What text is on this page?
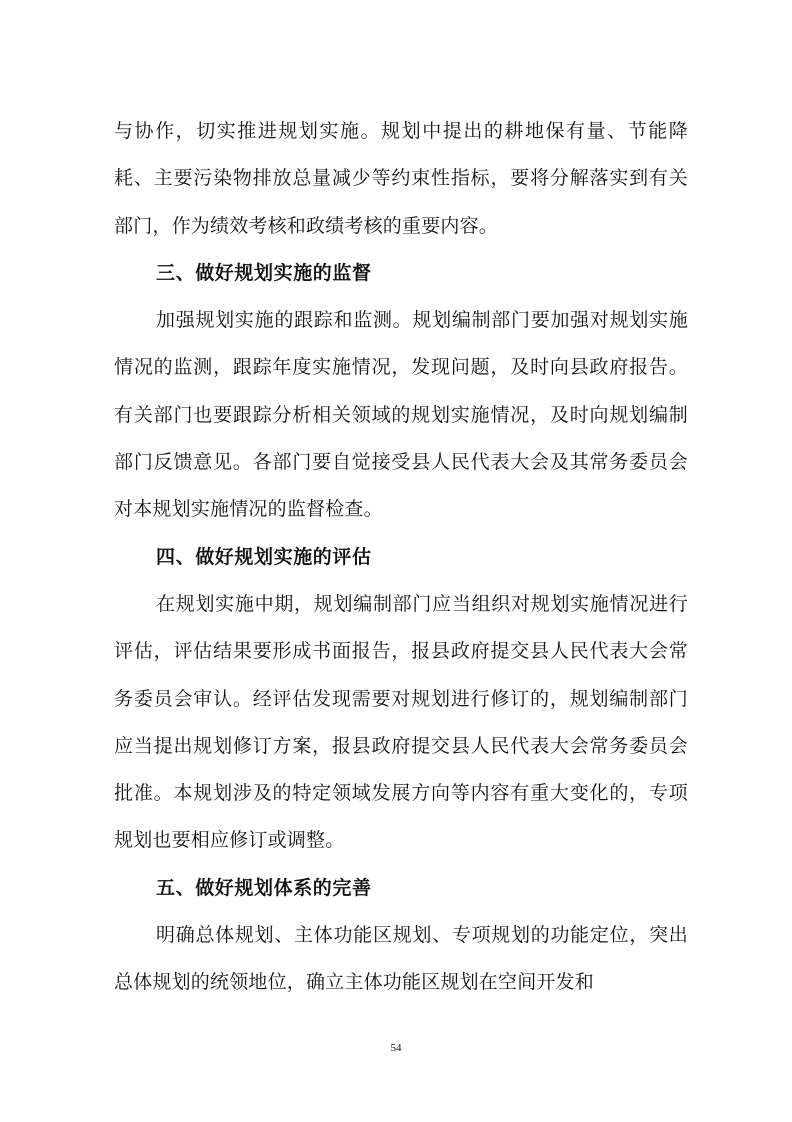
与协作，切实推进规划实施。规划中提出的耕地保有量、节能降耗、主要污染物排放总量减少等约束性指标，要将分解落实到有关部门，作为绩效考核和政绩考核的重要内容。

三、做好规划实施的监督

加强规划实施的跟踪和监测。规划编制部门要加强对规划实施情况的监测，跟踪年度实施情况，发现问题，及时向县政府报告。有关部门也要跟踪分析相关领域的规划实施情况，及时向规划编制部门反馈意见。各部门要自觉接受县人民代表大会及其常务委员会对本规划实施情况的监督检查。

四、做好规划实施的评估

在规划实施中期，规划编制部门应当组织对规划实施情况进行评估，评估结果要形成书面报告，报县政府提交县人民代表大会常务委员会审认。经评估发现需要对规划进行修订的，规划编制部门应当提出规划修订方案，报县政府提交县人民代表大会常务委员会批准。本规划涉及的特定领域发展方向等内容有重大变化的，专项规划也要相应修订或调整。

五、做好规划体系的完善

明确总体规划、主体功能区规划、专项规划的功能定位，突出总体规划的统领地位，确立主体功能区规划在空间开发和

54
